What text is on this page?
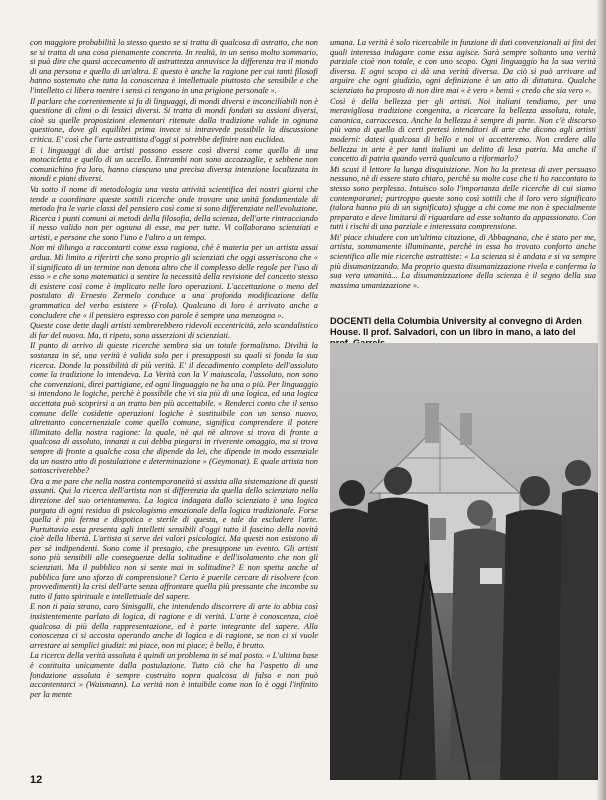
con maggiore probabilità lo stesso questo se si tratta di qualcosa di astratto, che non se si tratta di una cosa pienamente concreta. In realtà, in un senso molto sommario, si può dire che quasi accecamento di astrattezza annuvisce la differenza tra il mondo di una persona e quello di un'altra. E questo è anche la ragione per cui tanti filosofi hanno sostenuto che tutta la conoscenza è intellettuale piuttosto che sensibile e che l'intelletto ci libera mentre i sensi ci tengono in una prigione personale ».

Il parlare che correntemente si fa di linguaggi, di mondi diversi e inconciliabili non è questione di climi o di lessici diversi. Si tratta di mondi fondati su assioni diversi, cioè su quelle proposizioni elementari ritenute dalla tradizione valide in ognuna questione, dove gli equilibri prima invece si intravvede possibile la discussione critica. E' così che l'arte astrattista d'oggi si potrebbe definire non euclidea.

E i linguaggi di due artisti possono essere così diversi come quello di una motocicletta e quello di un uccello. Entrambi non sono accozzaglie, e sebbene non comunichino fra loro, hanno ciascuno una precisa diversa intenzione localizzata in mondi e piani diversi.

Va sotto il nome di metodologia una vasta attività scientifica dei nostri giorni che tende a coordinare queste sottili ricerche onde trovare una unità fondamentale di metodo fra le varie classi del pensiero così come si sono differenziate nell'evoluzione. Ricerca i punti comuni ai metodi della filosofia, della scienza, dell'arte rintracciando il nesso valido non per ognuna di esse, ma per tutte. Vi collaborano scienziati e artisti, e persone che sono l'uno e l'altro a un tempo.

Non mi dilungo a raccontarti come essa ragiona, chè è materia per un artista assai ardua. Mi limito a riferirti che sono proprio gli scienziati che oggi asseriscono che « il significato di un termine non denota altro che il complesso delle regole per l'uso di esso » e che sono matematici a sentire la necessità della revisione del concetto stesso di esistere così come è implicato nelle loro operazioni. L'accettazione o meno del postulato di Ernesto Zermelo conduce a una profonda modificazione della grammatica del verbo esistere » (Frola). Qualcuno di loro è arrivato anche a concludere che « il pensiero espresso con parole è sempre una menzogna ».

Queste cose dette dagli artisti sembrerebbero ridevoli eccentricità, zelo scandalistico di far del nuovo. Ma, ti ripeto, sono asserzioni di scienziati.

Il punto di arrivo di queste ricerche sembra sia un totale formalismo. Diviltà la sostanza in sé, una verità è valida solo per i presupposti su quali si fonda la sua ricerca. Donde la possibilità di più verità. E' il decadimento completo dell'assoluto come la tradizione lo intendeva. La Verità con la V maiuscola, l'assoluto, non sono che convenzioni, direi partigiane, ed ogni linguaggio ne ha una o più. Per linguaggio si intendono le logiche, perchè è possibile che vi sia più di una logica, ed una logica accettata può scoprirsi a un tratto ben più accettabile. « Renderci conto che il senso comune delle cosidette operazioni logiche è sostituibile con un senso nuovo, altrettanto concernenziale come quello comune, significa comprendere il potere illimitato della nostra ragione: la quale, nè qui nè altrove si trova di fronte a qualcosa di assoluto, innanzi a cui debba piegarsi in riverente omaggio, ma si trova sempre di fronte a qualche cosa che dipende da lei, che dipende in modo essenziale da un nostro atto di postulazione e determinazione » (Geymonat). E quale artista non sottoscriverebbe?

Ora a me pare che nella nostra contemporaneità si assista alla sistemazione di questi assunti. Qui la ricerca dell'artista non si differenzia da quella dello scienziato nella direzione del suo orientamento. La logica indagata dallo scienziato è una logica purgata di ogni residuo di psicologismo emozionale della logica tradizionale. Forse quella è più ferma e dispotica e sterile di questa, e tale da escludere l'arte. Purtuttavia essa presenta agli intelletti sensibili d'oggi tutto il fascino della novità cioè della libertà. L'artista si serve dei valori psicologici. Ma questi non esistono di per sè indipendenti. Sono come il presagio, che presuppone un evento. Gli artisti sono più sensibili alle conseguenze della solitudine e dell'isolamento che non gli scienziati. Ma il pubblico non si sente mai in solitudine? E non spetta anche al pubblico fare uno sforzo di comprensione? Certo è puerile cercare di risolvere (con provvedimenti) la crisi dell'arte senza affrontare quella più pressante che incombe su tutto il fatto spirituale e intellettuale del sapere.

E non ti paia strano, caro Sinisgalli, che intendendo discorrere di arte io abbia così insistentemente parlato di logica, di ragione e di verità. L'arte è conoscenza, cioè qualcosa di più della rappresentazione, ed è parte integrante del sapere. Alla conoscenza ci si accosta operando anche di logica e di ragione, se non ci si vuole arrestare ai semplici giudizi: mi piace, non mi piace; è bello, è brutto.

La ricerca della verità assoluta è quindi un problema in sé mal posto. « L'ultima base è costituita unicamente dalla postulazione. Tutto ciò che ha l'aspetto di una fondazione assoluta è sempre costruito sopra qualcosa di falso e non può accontentarci » (Waismann). La verità non è intuibile come non lo è oggi l'infinito per la mente

umana. La verità è solo ricercabile in funzione di dati convenzionali ai fini dei quali interessa indagare come essa agisce. Sarà sempre soltanto una verità parziale cioè non totale, e con uno scopo. Ogni linguaggio ha la sua verità diversa. E ogni scopo ci dà una verità diversa. Da ciò si può arrivare ad arguire che ogni giudizio, ogni definizione è un atto di dittatura. Qualche scienziato ha proposto di non dire mai « è vero » bensì « credo che sia vero ».

Così è della bellezza per gli artisti. Noi italiani tendiamo, per una meravigliosa tradizione congenita, a ricercare la bellezza assoluta, totale, canonica, carraccesca. Anche la bellezza è sempre di parte. Non c'è discorso più vano di quello di certi pretesi intenditori di arte che dicono agli artisti moderni: datesi qualcosa di bello e noi vi accetteremo. Non credere alla bellezza in arte è per tanti italiani un delitto di lesa patria. Ma anche il concetto di patria quando verrà qualcuno a riformarlo?

Mi scusi il lettore la lunga disquisizione. Non ho la pretesa di aver persuaso nessuno, nè di essere stato chiaro, perchè su molte cose che ti ho raccontato io stesso sono perplesso. Intuisco solo l'importanza delle ricerche di cui siamo contemporanei; purtroppo queste sono così sottili che il loro vero significato (talora hanno più di un significato) sfugge a chi come me non è specialmente preparato e deve limitarsi di riguardare ad esse soltanto da appassionato. Con tutti i rischi di una parziale e interessata comprensione.

Mi' piace chiudere con un'ultima citazione, di Abbagnano, che è stato per me, artista, sommamente illuminante, perchè in essa ho trovato conforto anche scientifico alle mie ricerche astrattiste: « La scienza si è andata e si va sempre più disumanizzando. Ma proprio questa disumanizzazione rivela e conferma la sua vera umanità... La disumanizzazione della scienza è il segno della sua massima umanizzazione ».

DOCENTI della Columbia University al convegno di Arden House. Il prof. Salvadori, con un libro in mano, a lato del
12
